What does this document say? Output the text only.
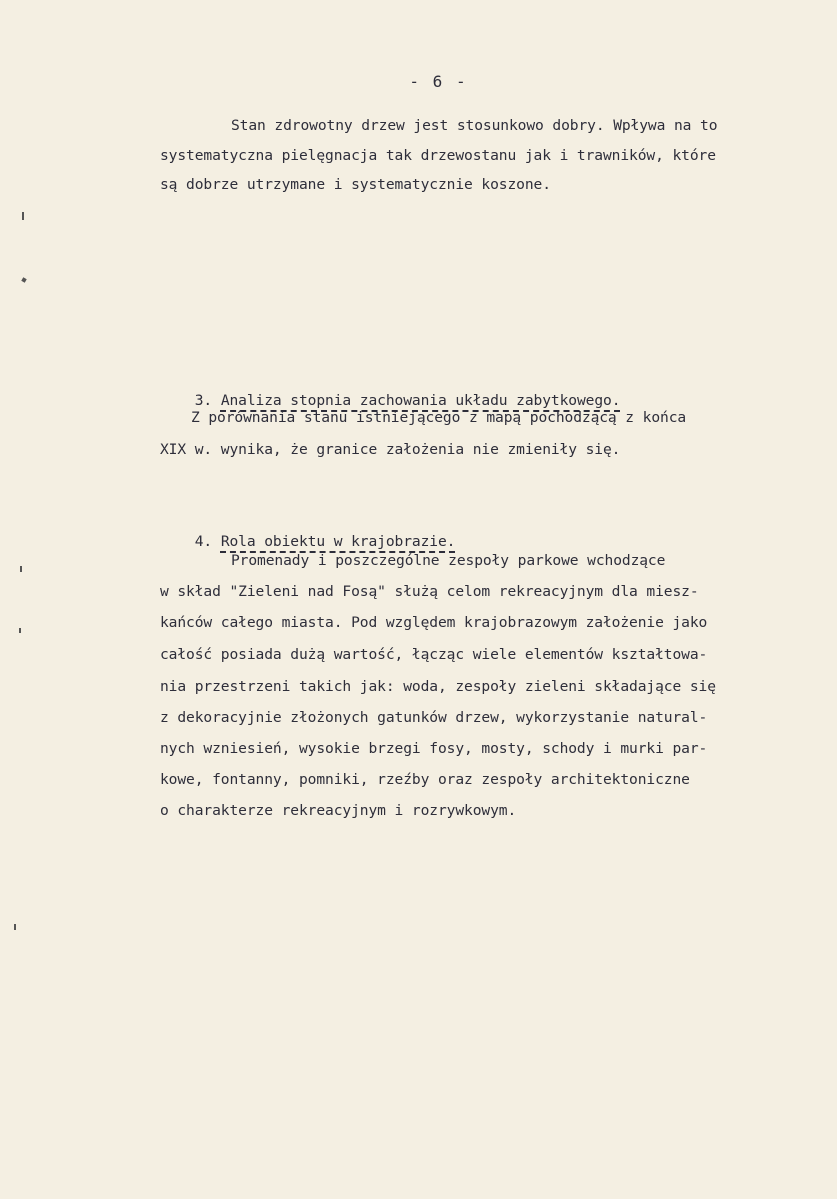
- 6 -
Stan zdrowotny drzew jest stosunkowo dobry. Wpływa na to
systematyczna pielęgnacja tak drzewostanu jak i trawników, które
są dobrze utrzymane i systematycznie koszone.

3. Analiza stopnia zachowania układu zabytkowego.

Z porównania stanu istniejącego z mapą pochodzącą z końca
XIX w. wynika, że granice założenia nie zmieniły się.

4. Rola obiektu w krajobrazie.

Promenady i poszczególne zespoły parkowe wchodzące
w skład "Zieleni nad Fosą" służą celom rekreacyjnym dla miesz-
kańców całego miasta. Pod względem krajobrazowym założenie jako
całość posiada dużą wartość, łącząc wiele elementów kształtowa-
nia przestrzeni takich jak: woda, zespoły zieleni składające się
z dekoracyjnie złożonych gatunków drzew, wykorzystanie natural-
nych wzniesień, wysokie brzegi fosy, mosty, schody i murki par-
kowe, fontanny, pomniki, rzeźby oraz zespoły architektoniczne
o charakterze rekreacyjnym i rozrywkowym.
